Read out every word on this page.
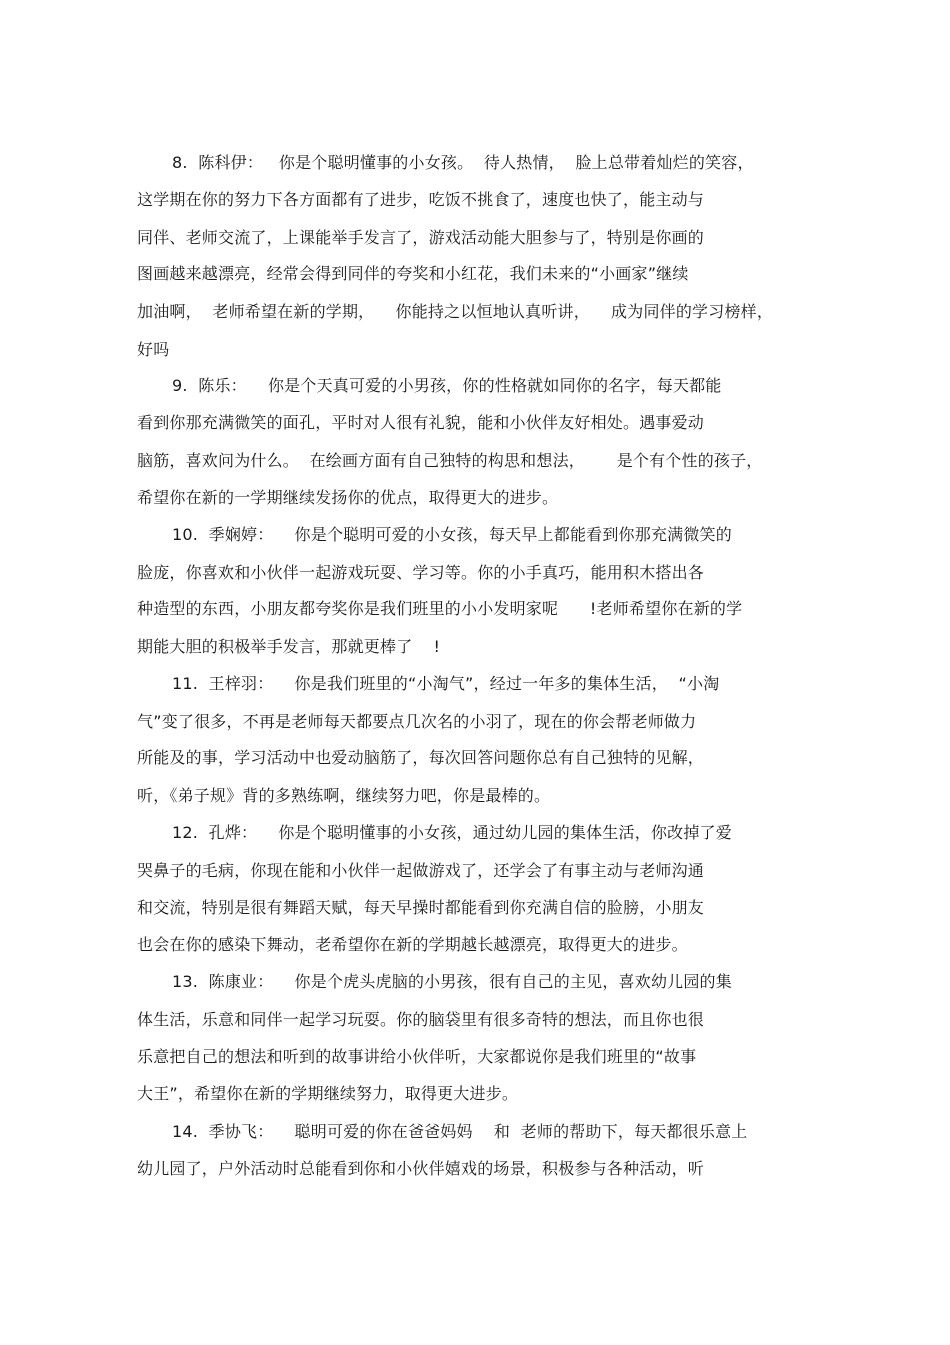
8.  陈科伊：   你是个聪明懂事的小女孩。  待人热情，  脸上总带着灿烂的笑容，
这学期在你的努力下各方面都有了进步，吃饭不挑食了，速度也快了，能主动与
同伴、老师交流了，上课能举手发言了，游戏活动能大胆参与了，特别是你画的
图画越来越漂亮，经常会得到同伴的夸奖和小红花，我们未来的“小画家”继续
加油啊，  老师希望在新的学期，    你能持之以恒地认真听讲，    成为同伴的学习榜样，
好吗
9.  陈乐：    你是个天真可爱的小男孩，你的性格就如同你的名字，每天都能
看到你那充满微笑的面孔，平时对人很有礼貌，能和小伙伴友好相处。遇事爱动
脑筋，喜欢问为什么。  在绘画方面有自己独特的构思和想法，      是个有个性的孩子，
希望你在新的一学期继续发扬你的优点，取得更大的进步。
10.  季娴婷：    你是个聪明可爱的小女孩，每天早上都能看到你那充满微笑的
脸庞，你喜欢和小伙伴一起游戏玩耍、学习等。你的小手真巧，能用积木搭出各
种造型的东西，小朋友都夸奖你是我们班里的小小发明家呢      !老师希望你在新的学
期能大胆的积极举手发言，那就更棒了    !
11.  王梓羽：    你是我们班里的“小淘气”，经过一年多的集体生活，  “小淘
气”变了很多，不再是老师每天都要点几次名的小羽了，现在的你会帮老师做力
所能及的事，学习活动中也爱动脑筋了，每次回答问题你总有自己独特的见解，
听，《弟子规》背的多熟练啊，继续努力吧，你是最棒的。
12.  孔烨：    你是个聪明懂事的小女孩，通过幼儿园的集体生活，你改掉了爱
哭鼻子的毛病，你现在能和小伙伴一起做游戏了，还学会了有事主动与老师沟通
和交流，特别是很有舞蹈天赋，每天早操时都能看到你充满自信的脸膀，小朋友
也会在你的感染下舞动，老希望你在新的学期越长越漂亮，取得更大的进步。
13.  陈康业：    你是个虎头虎脑的小男孩，很有自己的主见，喜欢幼儿园的集
体生活，乐意和同伴一起学习玩耍。你的脑袋里有很多奇特的想法，而且你也很
乐意把自己的想法和听到的故事讲给小伙伴听，大家都说你是我们班里的“故事
大王”，希望你在新的学期继续努力，取得更大进步。
14.  季协飞：    聪明可爱的你在爸爸妈妈    和  老师的帮助下，每天都很乐意上
幼儿园了，户外活动时总能看到你和小伙伴嬉戏的场景，积极参与各种活动，听
